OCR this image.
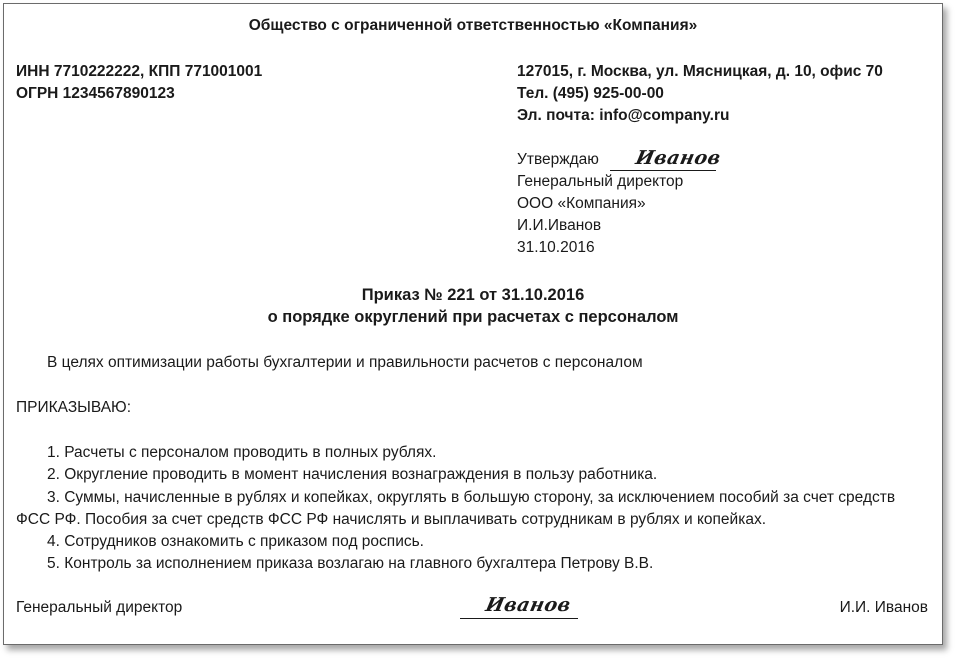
Общество с ограниченной ответственностью «Компания»
ИНН 7710222222, КПП 771001001
ОГРН 1234567890123
127015, г. Москва, ул. Мясницкая, д. 10, офис 70
Тел. (495) 925-00-00
Эл. почта: info@company.ru
Утверждаю Иванов
Генеральный директор
ООО «Компания»
И.И.Иванов
31.10.2016
Приказ № 221 от 31.10.2016
о порядке округлений при расчетах с персоналом
В целях оптимизации работы бухгалтерии и правильности расчетов с персоналом
ПРИКАЗЫВАЮ:
1. Расчеты с персоналом проводить в полных рублях.
2. Округление проводить в момент начисления вознаграждения в пользу работника.
3. Суммы, начисленные в рублях и копейках, округлять в большую сторону, за исключением пособий за счет средств
ФСС РФ. Пособия за счет средств ФСС РФ начислять и выплачивать сотрудникам в рублях и копейках.
4. Сотрудников ознакомить с приказом под роспись.
5. Контроль за исполнением приказа возлагаю на главного бухгалтера Петрову В.В.
Генеральный директор	Иванов	И.И. Иванов
